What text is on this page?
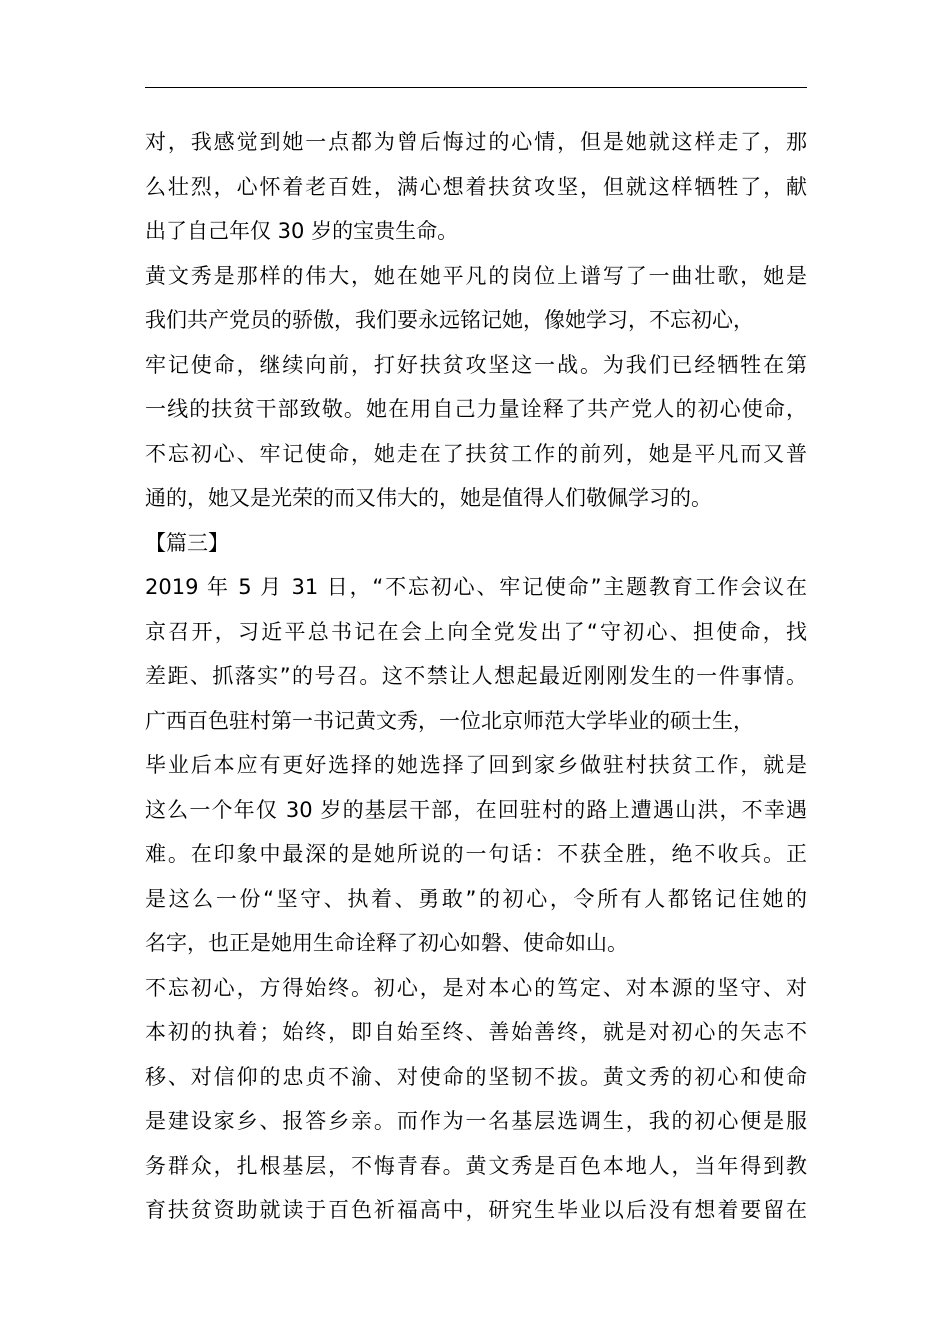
对，我感觉到她一点都为曾后悔过的心情，但是她就这样走了，那
么壮烈，心怀着老百姓，满心想着扶贫攻坚，但就这样牺牲了，献
出了自己年仅 30 岁的宝贵生命。
黄文秀是那样的伟大，她在她平凡的岗位上谱写了一曲壮歌，她是
我们共产党员的骄傲，我们要永远铭记她，像她学习，不忘初心，
牢记使命，继续向前，打好扶贫攻坚这一战。为我们已经牺牲在第
一线的扶贫干部致敬。她在用自己力量诠释了共产党人的初心使命，
不忘初心、牢记使命，她走在了扶贫工作的前列，她是平凡而又普
通的，她又是光荣的而又伟大的，她是值得人们敬佩学习的。
【篇三】
2019 年 5 月 31 日，“不忘初心、牢记使命”主题教育工作会议在
京召开，习近平总书记在会上向全党发出了“守初心、担使命，找
差距、抓落实”的号召。这不禁让人想起最近刚刚发生的一件事情。
广西百色驻村第一书记黄文秀，一位北京师范大学毕业的硕士生，
毕业后本应有更好选择的她选择了回到家乡做驻村扶贫工作，就是
这么一个年仅 30 岁的基层干部，在回驻村的路上遭遇山洪，不幸遇
难。在印象中最深的是她所说的一句话：不获全胜，绝不收兵。正
是这么一份“坚守、执着、勇敢”的初心，令所有人都铭记住她的
名字，也正是她用生命诠释了初心如磐、使命如山。
不忘初心，方得始终。初心，是对本心的笃定、对本源的坚守、对
本初的执着；始终，即自始至终、善始善终，就是对初心的矢志不
移、对信仰的忠贞不渝、对使命的坚韧不拔。黄文秀的初心和使命
是建设家乡、报答乡亲。而作为一名基层选调生，我的初心便是服
务群众，扎根基层，不悔青春。黄文秀是百色本地人，当年得到教
育扶贫资助就读于百色祈福高中，研究生毕业以后没有想着要留在
